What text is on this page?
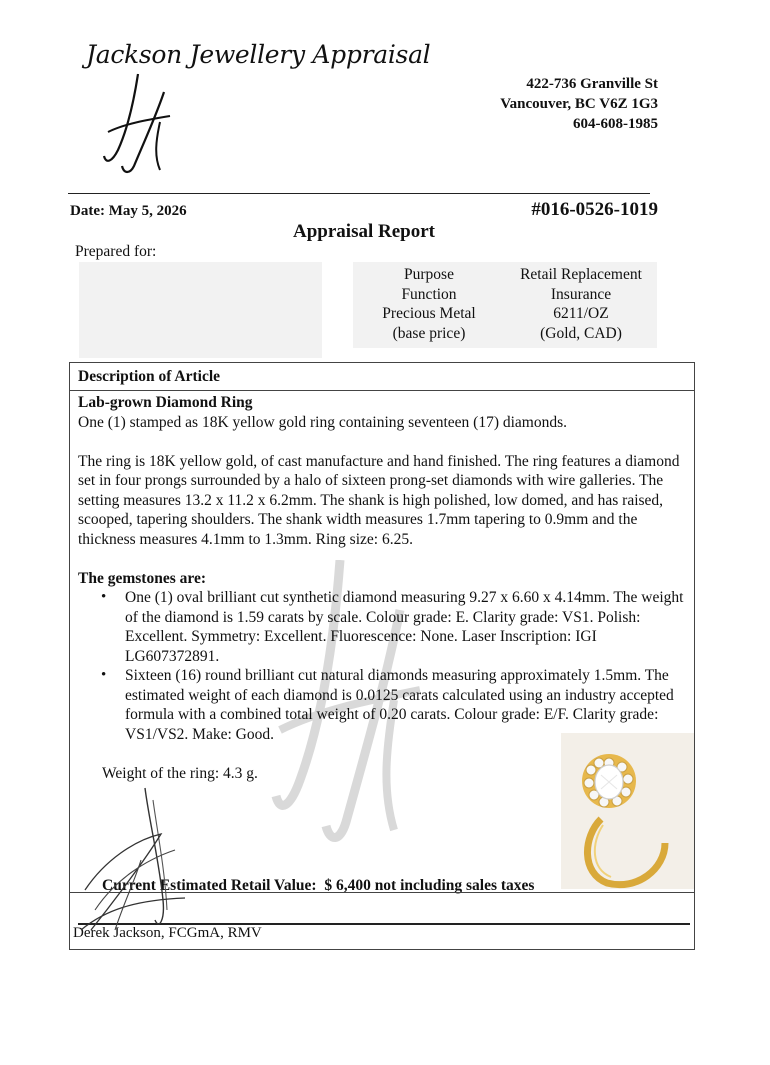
Jackson Jewellery Appraisal
422-736 Granville St
Vancouver, BC V6Z 1G3
604-608-1985
Date: May 5, 2026	#016-0526-1019
Appraisal Report
Prepared for:
Purpose
Function
Precious Metal
(base price)
Retail Replacement
Insurance
6211/OZ
(Gold, CAD)
Description of Article

Lab-grown Diamond Ring

One (1) stamped as 18K yellow gold ring containing seventeen (17) diamonds.

The ring is 18K yellow gold, of cast manufacture and hand finished. The ring features a diamond set in four prongs surrounded by a halo of sixteen prong-set diamonds with wire galleries. The setting measures 13.2 x 11.2 x 6.2mm. The shank is high polished, low domed, and has raised, scooped, tapering shoulders. The shank width measures 1.7mm tapering to 0.9mm and the thickness measures 4.1mm to 1.3mm. Ring size: 6.25.

The gemstones are:

• One (1) oval brilliant cut synthetic diamond measuring 9.27 x 6.60 x 4.14mm. The weight of the diamond is 1.59 carats by scale. Colour grade: E. Clarity grade: VS1. Polish: Excellent. Symmetry: Excellent. Fluorescence: None. Laser Inscription: IGI LG607372891.
• Sixteen (16) round brilliant cut natural diamonds measuring approximately 1.5mm. The estimated weight of each diamond is 0.0125 carats calculated using an industry accepted formula with a combined total weight of 0.20 carats. Colour grade: E/F. Clarity grade: VS1/VS2. Make: Good.

Weight of the ring: 4.3 g.

Current Estimated Retail Value: $ 6,400 not including sales taxes
Derek Jackson, FCGmA, RMV
